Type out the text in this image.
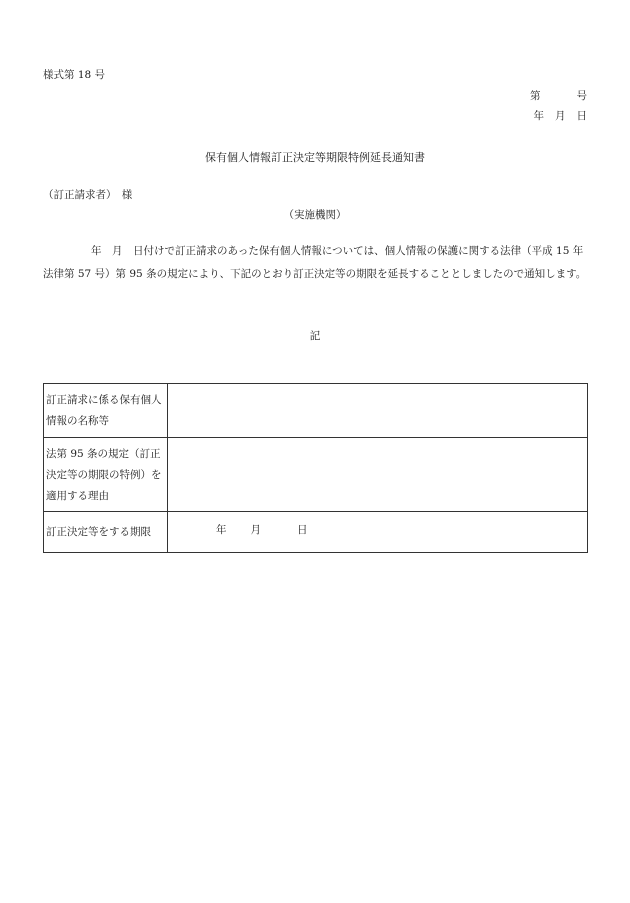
様式第 18 号
第	号
年 月 日
保有個人情報訂正決定等期限特例延長通知書
（訂正請求者）　様
（実施機関）
年　月　日付けで訂正請求のあった保有個人情報については、個人情報の保護に関する法律（平成 15 年法律第 57 号）第 95 条の規定により、下記のとおり訂正決定等の期限を延長することとしましたので通知します。
記
訂正請求に係る保有個人情報の名称等	
法第 95 条の規定（訂正決定等の期限の特例）を適用する理由	
訂正決定等をする期限	年 月 日
